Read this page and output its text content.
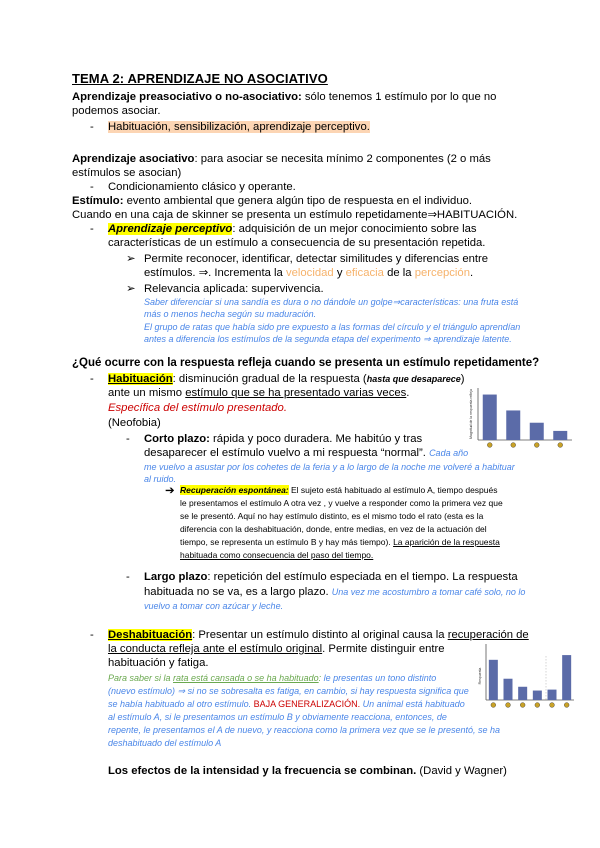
TEMA 2: APRENDIZAJE NO ASOCIATIVO
Aprendizaje preasociativo o no-asociativo: sólo tenemos 1 estímulo por lo que no
podemos asociar.
- Habituación, sensibilización, aprendizaje perceptivo.
Aprendizaje asociativo: para asociar se necesita mínimo 2 componentes (2 o más
estímulos se asocian)
- Condicionamiento clásico y operante.
Estímulo: evento ambiental que genera algún tipo de respuesta en el individuo.
Cuando en una caja de skinner se presenta un estímulo repetidamente⇒HABITUACIÓN.
- Aprendizaje perceptivo: adquisición de un mejor conocimiento sobre las
características de un estímulo a consecuencia de su presentación repetida.
➢ Permite reconocer, identificar, detectar similitudes y diferencias entre
estímulos. ⇒. Incrementa la velocidad y eficacia de la percepción.
➢ Relevancia aplicada: supervivencia.
Saber diferenciar si una sandía es dura o no dándole un golpe⇒características: una fruta está
más o menos hecha según su maduración.
El grupo de ratas que había sido pre expuesto a las formas del círculo y el triángulo aprendían
antes a diferencia los estímulos de la segunda etapa del experimento ⇒ aprendizaje latente.
¿Qué ocurre con la respuesta refleja cuando se presenta un estímulo repetidamente?
- Habituación: disminución gradual de la respuesta (hasta que desaparece)
ante un mismo estímulo que se ha presentado varias veces.
Específica del estímulo presentado.
(Neofobia)	Magnitud de la respuesta refleja
- Corto plazo: rápida y poco duradera. Me habitúo y tras
desaparecer el estímulo vuelvo a mi respuesta “normal”. Cada año
me vuelvo a asustar por los cohetes de la feria y a lo largo de la noche me volveré a habituar
al ruido.
➔ Recuperación espontánea: El sujeto está habituado al estímulo A, tiempo después
le presentamos el estímulo A otra vez , y vuelve a responder como la primera vez que
se le presentó. Aquí no hay estímulo distinto, es el mismo todo el rato (esta es la
diferencia con la deshabituación, donde, entre medias, en vez de la actuación del
tiempo, se representa un estímulo B y hay más tiempo). La aparición de la respuesta
habituada como consecuencia del paso del tiempo.
- Largo plazo: repetición del estímulo especiada en el tiempo. La respuesta
habituada no se va, es a largo plazo. Una vez me acostumbro a tomar café solo, no lo
vuelvo a tomar con azúcar y leche.
- Deshabituación: Presentar un estímulo distinto al original causa la recuperación de
la conducta refleja ante el estímulo original. Permite distinguir entre
habituación y fatiga.
Para saber si la rata está cansada o se ha habituado: le presentas un tono distinto
(nuevo estímulo) ⇒ si no se sobresalta es fatiga, en cambio, si hay respuesta significa que
se había habituado al otro estímulo. BAJA GENERALIZACIÓN. Un animal está habituado
al estímulo A, si le presentamos un estímulo B y obviamente reacciona, entonces, de
repente, le presentamos el A de nuevo, y reacciona como la primera vez que se le presentó, se ha
deshabituado del estímulo A
Respuesta
Los efectos de la intensidad y la frecuencia se combinan. (David y Wagner)
